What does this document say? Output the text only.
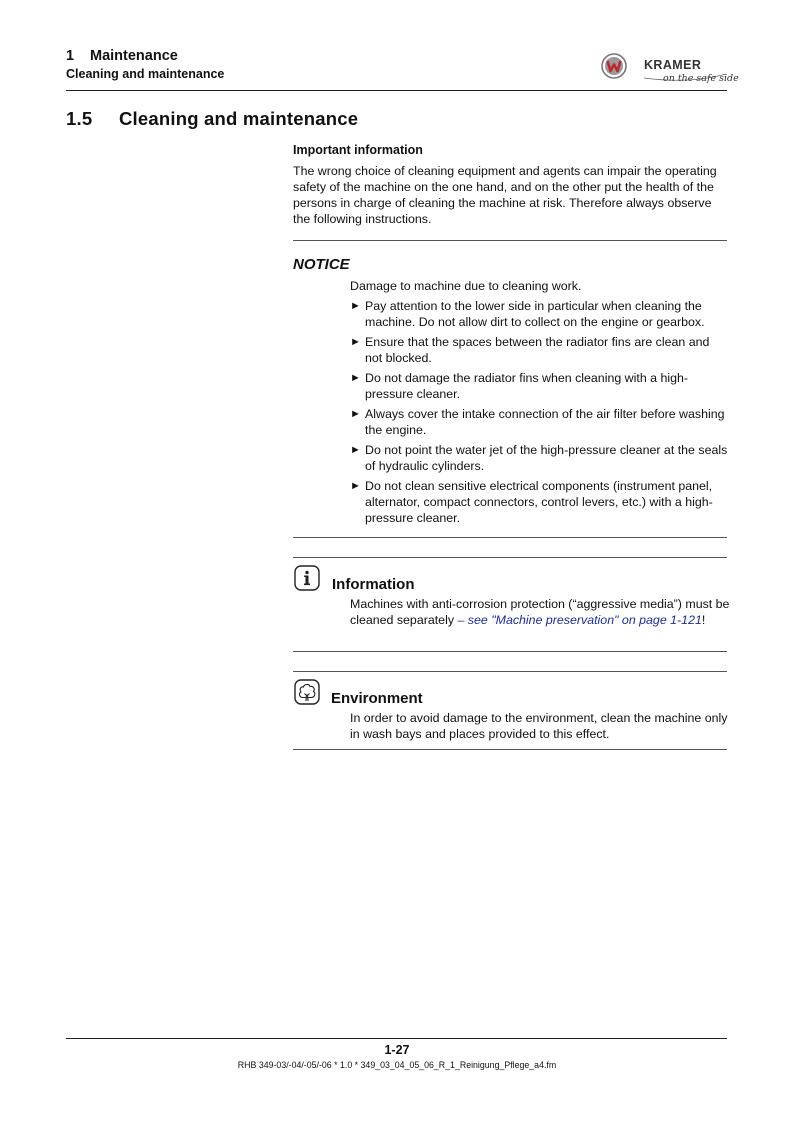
1 Maintenance
Cleaning and maintenance
KRAMER
on the safe side
1.5 Cleaning and maintenance
Important information
The wrong choice of cleaning equipment and agents can impair the operating safety of the machine on the one hand, and on the other put the health of the persons in charge of cleaning the machine at risk. Therefore always observe the following instructions.
NOTICE
Damage to machine due to cleaning work.
► Pay attention to the lower side in particular when cleaning the machine. Do not allow dirt to collect on the engine or gearbox.
► Ensure that the spaces between the radiator fins are clean and not blocked.
► Do not damage the radiator fins when cleaning with a high-pressure cleaner.
► Always cover the intake connection of the air filter before washing the engine.
► Do not point the water jet of the high-pressure cleaner at the seals of hydraulic cylinders.
► Do not clean sensitive electrical components (instrument panel, alternator, compact connectors, control levers, etc.) with a high-pressure cleaner.
Information
Machines with anti-corrosion protection (“aggressive media”) must be cleaned separately – see "Machine preservation" on page 1-121!
Environment
In order to avoid damage to the environment, clean the machine only in wash bays and places provided to this effect.
1-27
RHB 349-03/-04/-05/-06 * 1.0 * 349_03_04_05_06_R_1_Reinigung_Pflege_a4.fm
